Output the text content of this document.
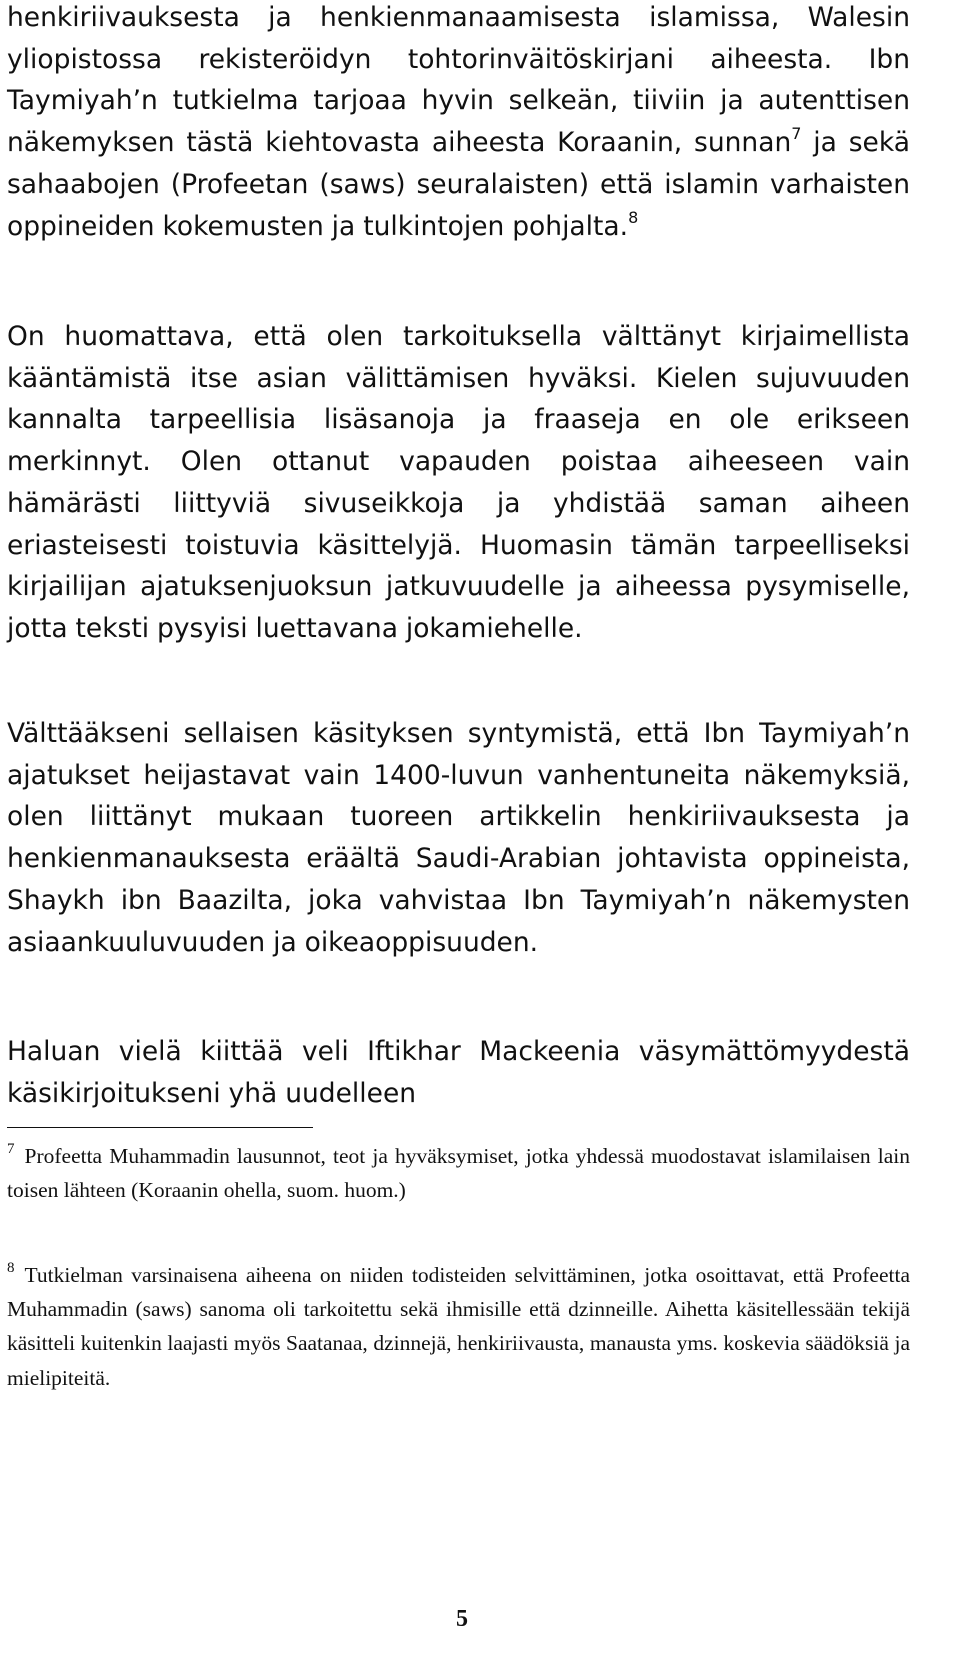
henkiriivauksesta ja henkienmanaamisesta islamissa, Walesin yliopistossa rekisteröidyn tohtorinväitöskirjani aiheesta. Ibn Taymiyah’n tutkielma tarjoaa hyvin selkeän, tiiviin ja autenttisen näkemyksen tästä kiehtovasta aiheesta Koraanin, sunnan$^7$ ja sekä sahaabojen (Profeetan (saws) seuralaisten) että islamin varhaisten oppineiden kokemusten ja tulkintojen pohjalta.$^8$

On huomattava, että olen tarkoituksella välttänyt kirjaimellista kääntämistä itse asian välittämisen hyväksi. Kielen sujuvuuden kannalta tarpeellisia lisäsanoja ja fraaseja en ole erikseen merkinnyt. Olen ottanut vapauden poistaa aiheeseen vain hämärästi liittyviä sivuseikkoja ja yhdistää saman aiheen eriasteisesti toistuvia käsittelyjä. Huomasin tämän tarpeelliseksi kirjailijan ajatuksenjuoksun jatkuvuudelle ja aiheessa pysymiselle, jotta teksti pysyisi luettavana jokamiehelle.

Välttääkseni sellaisen käsityksen syntymistä, että Ibn Taymiyah’n ajatukset heijastavat vain 1400-luvun vanhentuneita näkemyksiä, olen liittänyt mukaan tuoreen artikkelin henkiriivauksesta ja henkienmanauksesta eräältä Saudi-Arabian johtavista oppineista, Shaykh ibn Baazilta, joka vahvistaa Ibn Taymiyah’n näkemysten asiaankuuluvuuden ja oikeaoppisuuden.

Haluan vielä kiittää veli Iftikhar Mackeenia väsymättömyydestä käsikirjoitukseni yhä uudelleen

$^7$ Profeetta Muhammadin lausunnot, teot ja hyväksymiset, jotka yhdessä muodostavat islamilaisen lain toisen lähteen (Koraanin ohella, suom. huom.)

$^8$ Tutkielman varsinaisena aiheena on niiden todisteiden selvittäminen, jotka osoittavat, että Profeetta Muhammadin (saws) sanoma oli tarkoitettu sekä ihmisille että dzinneille. Aihetta käsitellessään tekijä käsitteli kuitenkin laajasti myös Saatanaa, dzinnejä, henkiriivausta, manausta yms. koskevia säädöksiä ja mielipiteitä.

5
